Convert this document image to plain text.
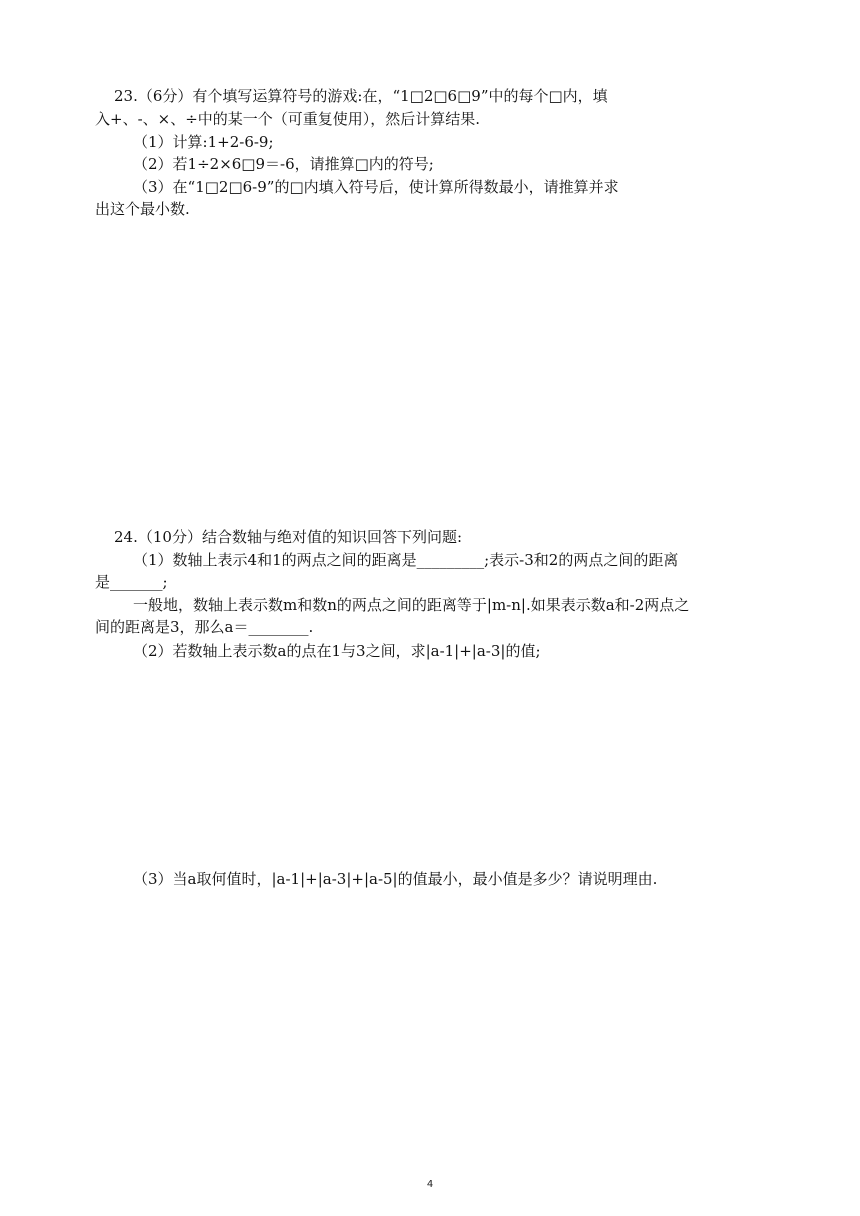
23.（6分）有个填写运算符号的游戏:在，“1□2□6□9”中的每个□内，填
入+、-、×、÷中的某一个（可重复使用），然后计算结果.
（1）计算:1+2-6-9;
（2）若1÷2×6□9＝-6，请推算□内的符号;
（3）在“1□2□6-9”的□内填入符号后，使计算所得数最小，请推算并求
出这个最小数.
24.（10分）结合数轴与绝对值的知识回答下列问题:
（1）数轴上表示4和1的两点之间的距离是_________;表示-3和2的两点之间的距离
是_______;
一般地，数轴上表示数m和数n的两点之间的距离等于|m-n|.如果表示数a和-2两点之
间的距离是3，那么a＝________.
（2）若数轴上表示数a的点在1与3之间，求|a-1|+|a-3|的值;
（3）当a取何值时，|a-1|+|a-3|+|a-5|的值最小，最小值是多少？请说明理由.
4
